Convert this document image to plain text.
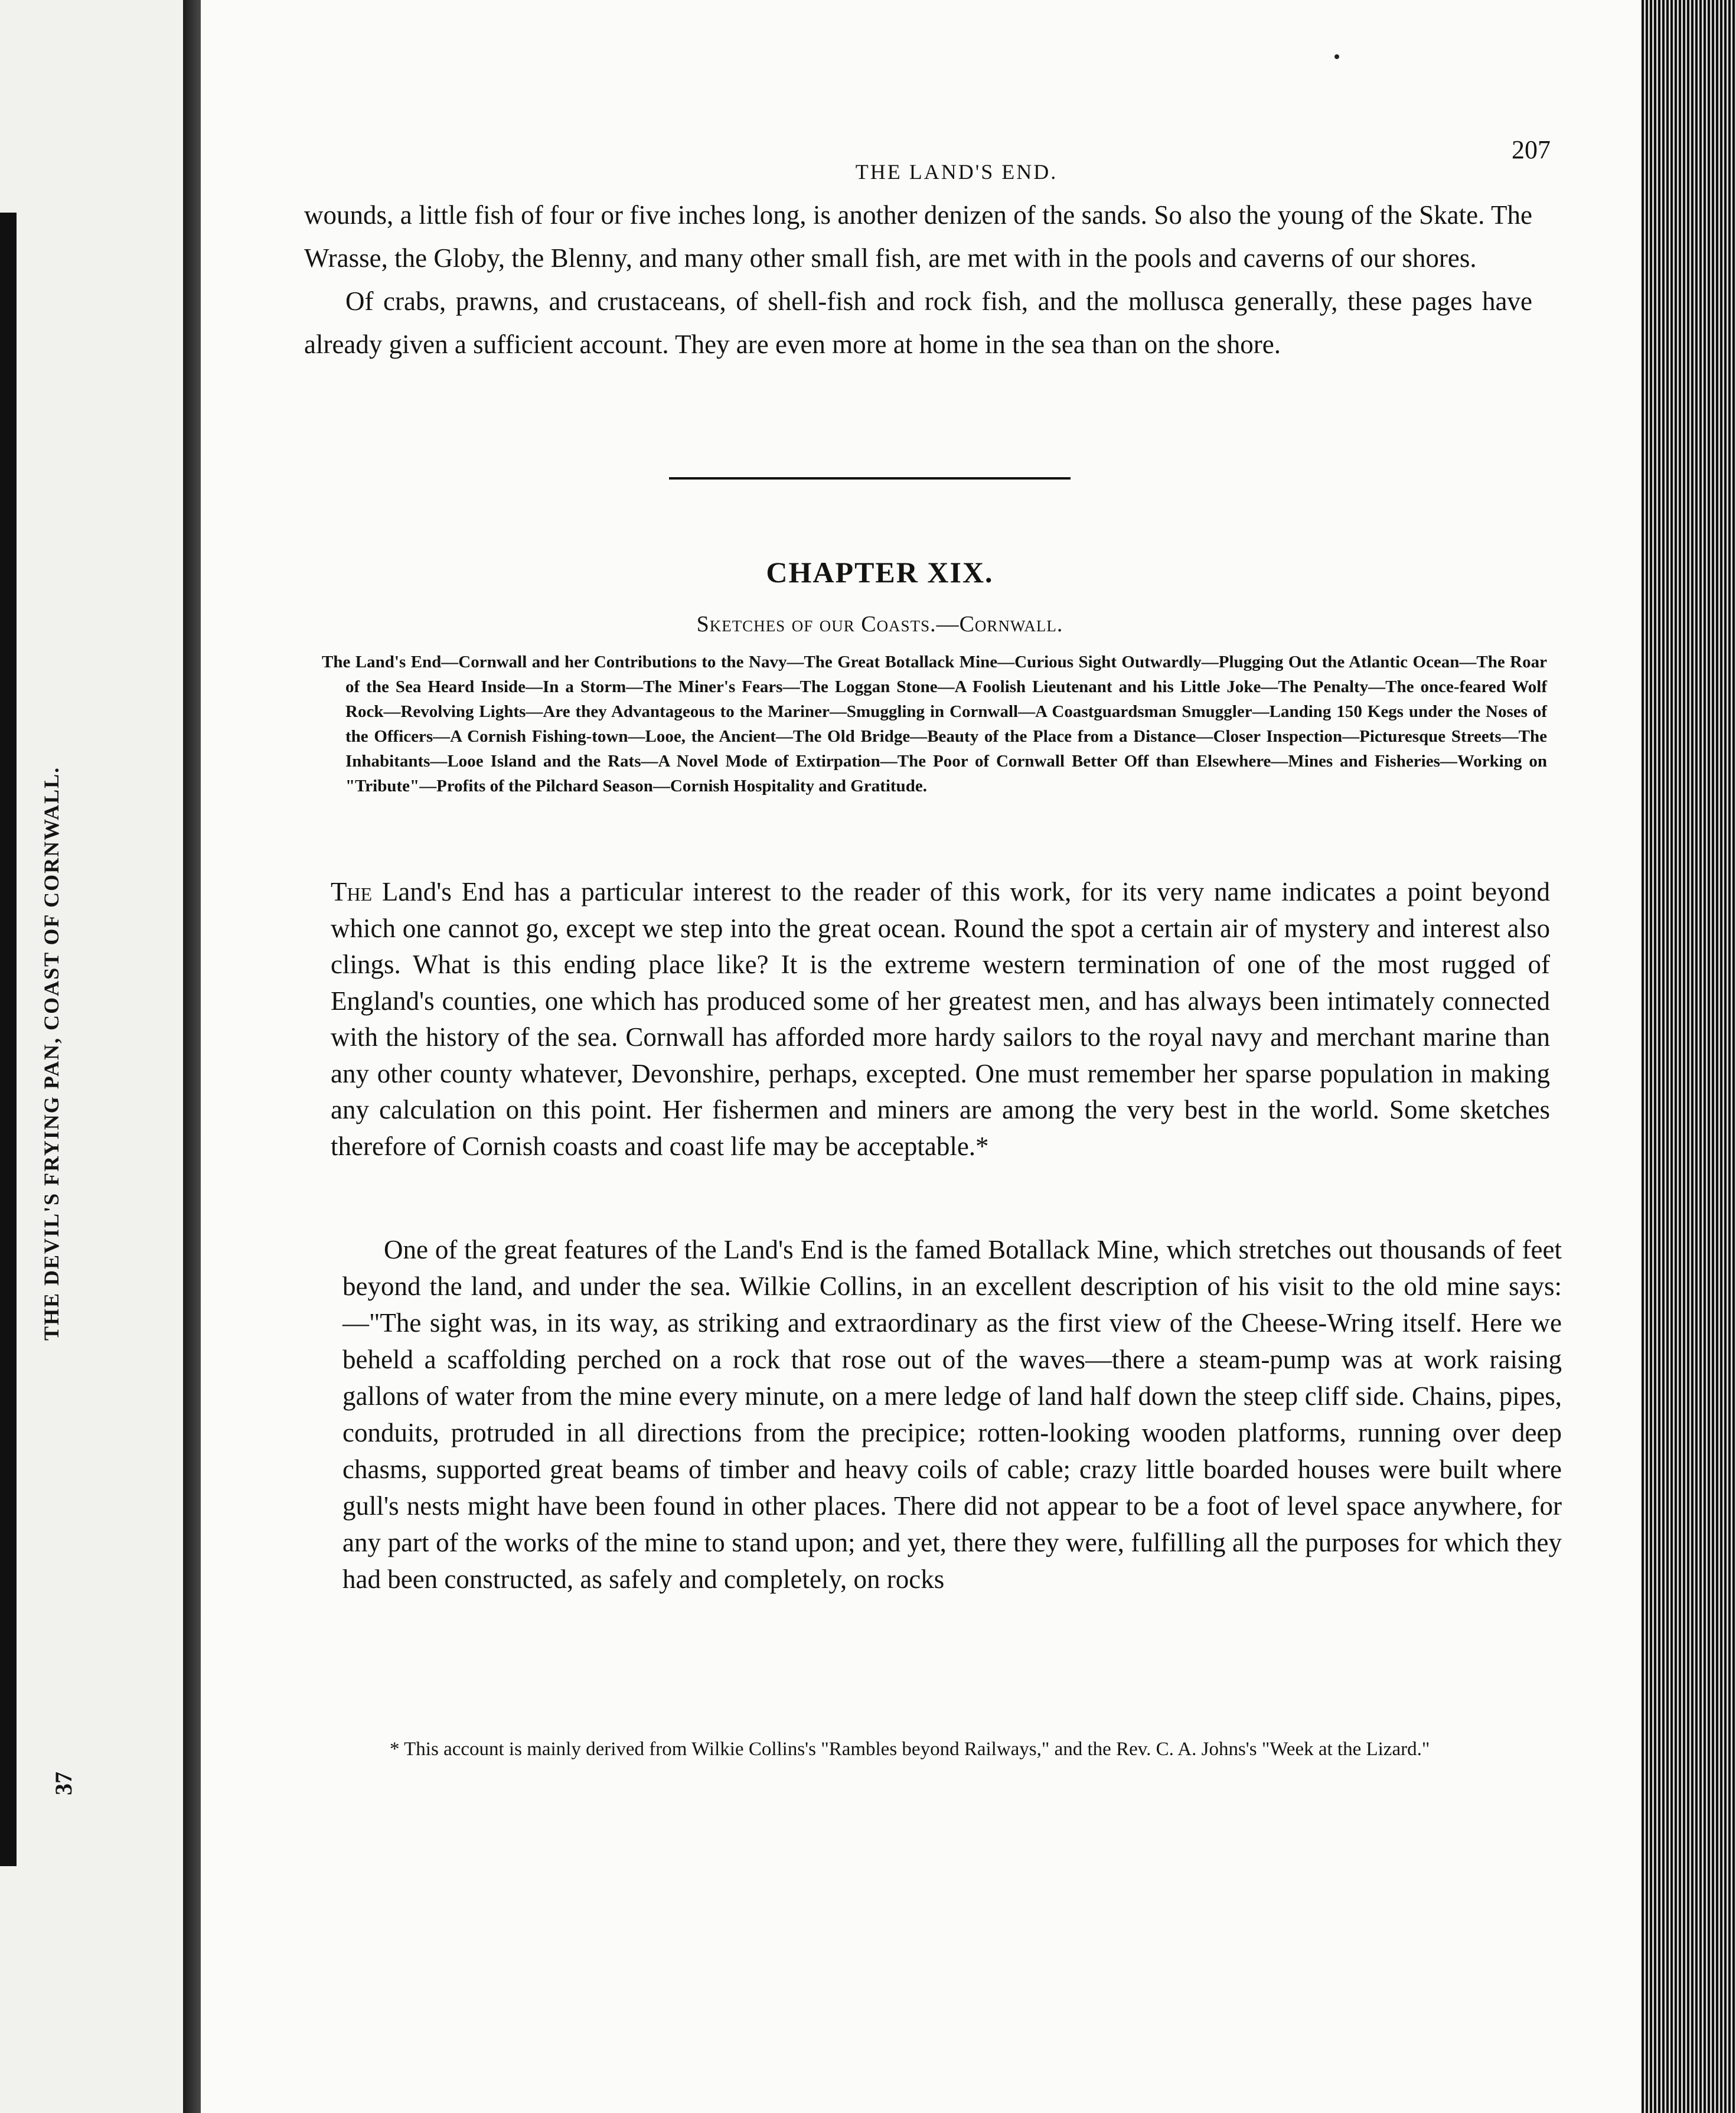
THE DEVIL'S FRYING PAN, COAST OF CORNWALL.
37
THE LAND'S END.
207
wounds, a little fish of four or five inches long, is another denizen of the sands. So also the young of the Skate. The Wrasse, the Globy, the Blenny, and many other small fish, are met with in the pools and caverns of our shores.
Of crabs, prawns, and crustaceans, of shell-fish and rock fish, and the mollusca generally, these pages have already given a sufficient account. They are even more at home in the sea than on the shore.
CHAPTER XIX.
Sketches of our Coasts.—Cornwall.

The Land's End—Cornwall and her Contributions to the Navy—The Great Botallack Mine—Curious Sight Outwardly—Plugging Out the Atlantic Ocean—The Roar of the Sea Heard Inside—In a Storm—The Miner's Fears—The Loggan Stone—A Foolish Lieutenant and his Little Joke—The Penalty—The once-feared Wolf Rock—Revolving Lights—Are they Advantageous to the Mariner—Smuggling in Cornwall—A Coastguardsman Smuggler—Landing 150 Kegs under the Noses of the Officers—A Cornish Fishing-town—Looe, the Ancient—The Old Bridge—Beauty of the Place from a Distance—Closer Inspection—Picturesque Streets—The Inhabitants—Looe Island and the Rats—A Novel Mode of Extirpation—The Poor of Cornwall Better Off than Elsewhere—Mines and Fisheries—Working on "Tribute"—Profits of the Pilchard Season—Cornish Hospitality and Gratitude.

The Land's End has a particular interest to the reader of this work, for its very name indicates a point beyond which one cannot go, except we step into the great ocean. Round the spot a certain air of mystery and interest also clings. What is this ending place like? It is the extreme western termination of one of the most rugged of England's counties, one which has produced some of her greatest men, and has always been intimately connected with the history of the sea. Cornwall has afforded more hardy sailors to the royal navy and merchant marine than any other county whatever, Devonshire, perhaps, excepted. One must remember her sparse population in making any calculation on this point. Her fishermen and miners are among the very best in the world. Some sketches therefore of Cornish coasts and coast life may be acceptable.*

One of the great features of the Land's End is the famed Botallack Mine, which stretches out thousands of feet beyond the land, and under the sea. Wilkie Collins, in an excellent description of his visit to the old mine says:—"The sight was, in its way, as striking and extraordinary as the first view of the Cheese-Wring itself. Here we beheld a scaffolding perched on a rock that rose out of the waves—there a steam-pump was at work raising gallons of water from the mine every minute, on a mere ledge of land half down the steep cliff side. Chains, pipes, conduits, protruded in all directions from the precipice; rotten-looking wooden platforms, running over deep chasms, supported great beams of timber and heavy coils of cable; crazy little boarded houses were built where gull's nests might have been found in other places. There did not appear to be a foot of level space anywhere, for any part of the works of the mine to stand upon; and yet, there they were, fulfilling all the purposes for which they had been constructed, as safely and completely, on rocks

* This account is mainly derived from Wilkie Collins's "Rambles beyond Railways," and the Rev. C. A. Johns's "Week at the Lizard."
